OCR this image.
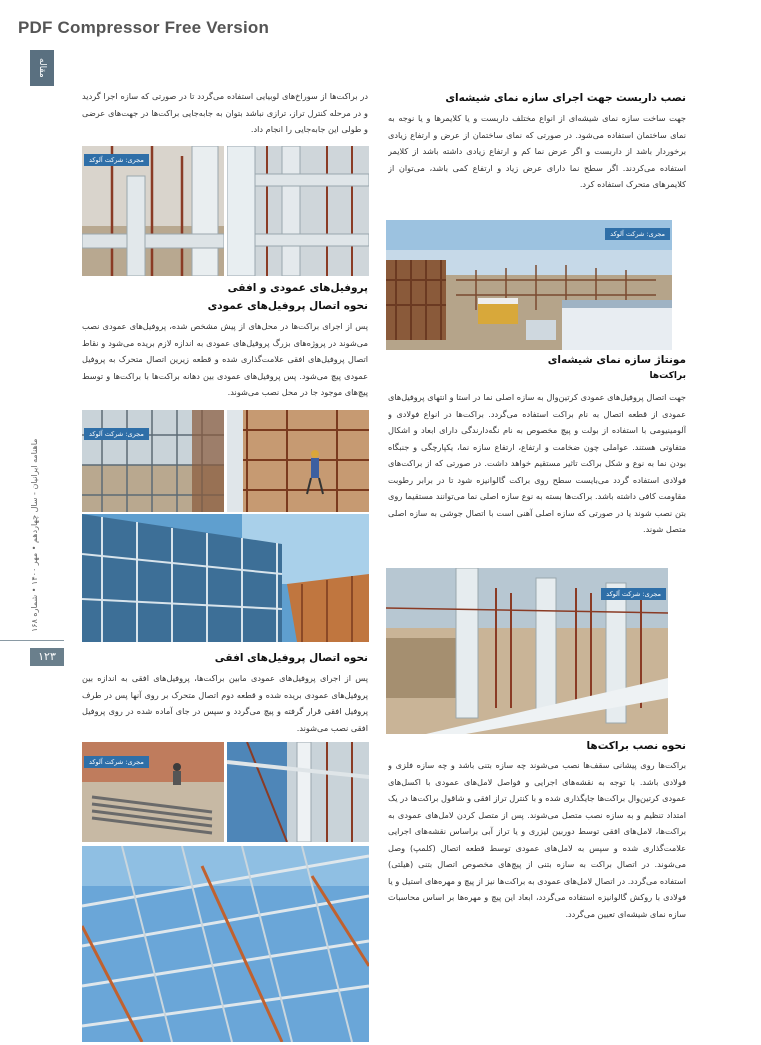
PDF Compressor Free Version
مقاله
ماهنامه ایرانیان - سال چهاردهم • مهر ۱۴۰۰ • شماره ۱۶۸
۱۲۳
نصب داربست جهت اجرای سازه نمای شیشه‌ای
جهت ساخت سازه نمای شیشه‌ای از انواع مختلف داربست و یا کلایمرها و یا نوجه به نمای ساختمان استفاده می‌شود. در صورتی که نمای ساختمان از عرض و ارتفاع زیادی برخوردار باشد از داربست و اگر عرض نما کم و ارتفاع زیادی داشته باشد از کلایمر استفاده می‌کردند. اگر سطح نما دارای عرض زیاد و ارتفاع کمی باشد، می‌توان از کلایمرهای متحرک استفاده کرد.
مجری: شرکت آلوکد
مونتاژ سازه نمای شیشه‌ای
براکت‌ها
جهت اتصال پروفیل‌های عمودی کرتین‌وال به سازه اصلی نما در استا و انتهای پروفیل‌های عمودی از قطعه اتصال به نام براکت استفاده می‌گردد. براکت‌ها در انواع فولادی و آلومینیومی با استفاده از بولت و پیچ مخصوص به نام نگه‌دارندگی دارای ابعاد و اشکال متفاوتی هستند. عواملی چون ضخامت و ارتفاع، ارتفاع سازه نما، یکپارچگی و جنبگاه بودن نما به نوع و شکل براکت تاثیر مستقیم خواهد داشت. در صورتی که از براکت‌های فولادی استفاده گردد می‌بایست سطح روی براکت گالوانیزه شود تا در برابر رطوبت مقاومت کافی داشته باشد. براکت‌ها بسته به نوع سازه اصلی نما می‌توانند مستقیما روی بتن نصب شوند یا در صورتی که سازه اصلی آهنی است با اتصال جوشی به سازه اصلی متصل شوند.
مجری: شرکت آلوکد
نحوه نصب براکت‌ها
براکت‌ها روی پیشانی سقف‌ها نصب می‌شوند چه سازه بتنی باشد و چه سازه فلزی و فولادی باشد. با توجه به نقشه‌های اجرایی و فواصل لامل‌های عمودی با اکسل‌های عمودی کرتین‌وال براکت‌ها جایگذاری شده و با کنترل تراز افقی و شاقول براکت‌ها در یک امتداد تنظیم و به سازه نصب متصل می‌شوند. پس از متصل کردن لامل‌های عمودی به براکت‌ها، لامل‌های افقی توسط دوربین لیزری و یا تراز آبی براساس نقشه‌های اجرایی علامت‌گذاری شده و سپس به لامل‌های عمودی توسط قطعه اتصال (کلمپ) وصل می‌شوند. در اتصال براکت به سازه بتنی از پیچ‌های مخصوص اتصال بتنی (هیلتی) استفاده می‌گردد. در اتصال لامل‌های عمودی به براکت‌ها نیز از پیچ و مهره‌های استیل و یا فولادی با روکش گالوانیزه استفاده می‌گردد، ابعاد این پیچ و مهره‌ها بر اساس محاسبات سازه نمای شیشه‌ای تعیین می‌گردد.
در براکت‌ها از سوراخ‌های لوبیایی استفاده می‌گردد تا در صورتی که سازه اجرا گردید و در مرحله کنترل تراز، ترازی نباشد بتوان به جابه‌جایی براکت‌ها در جهت‌های عرضی و طولی این جابه‌جایی را انجام داد.
مجری: شرکت آلوکد
پروفیل‌های عمودی و افقی
نحوه اتصال پروفیل‌های عمودی
پس از اجرای براکت‌ها در محل‌های از پیش مشخص شده، پروفیل‌های عمودی نصب می‌شوند در پروژه‌های بزرگ پروفیل‌های عمودی به اندازه لازم بریده می‌شود و نقاط اتصال پروفیل‌های افقی علامت‌گذاری شده و قطعه زیرین اتصال متحرک به پروفیل عمودی پیچ می‌شود. پس پروفیل‌های عمودی بین دهانه براکت‌ها با براکت‌ها و توسط پیچ‌های موجود جا در محل نصب می‌شوند.
مجری: شرکت آلوکد
نحوه اتصال پروفیل‌های افقی
پس از اجرای پروفیل‌های عمودی مابین براکت‌ها، پروفیل‌های افقی به اندازه بین پروفیل‌های عمودی بریده شده و قطعه دوم اتصال متحرک بر روی آنها پس در طرف پروفیل افقی قرار گرفته و پیچ می‌گردد و سپس در جای آماده شده در روی پروفیل افقی نصب می‌شوند.
مجری: شرکت آلوکد
